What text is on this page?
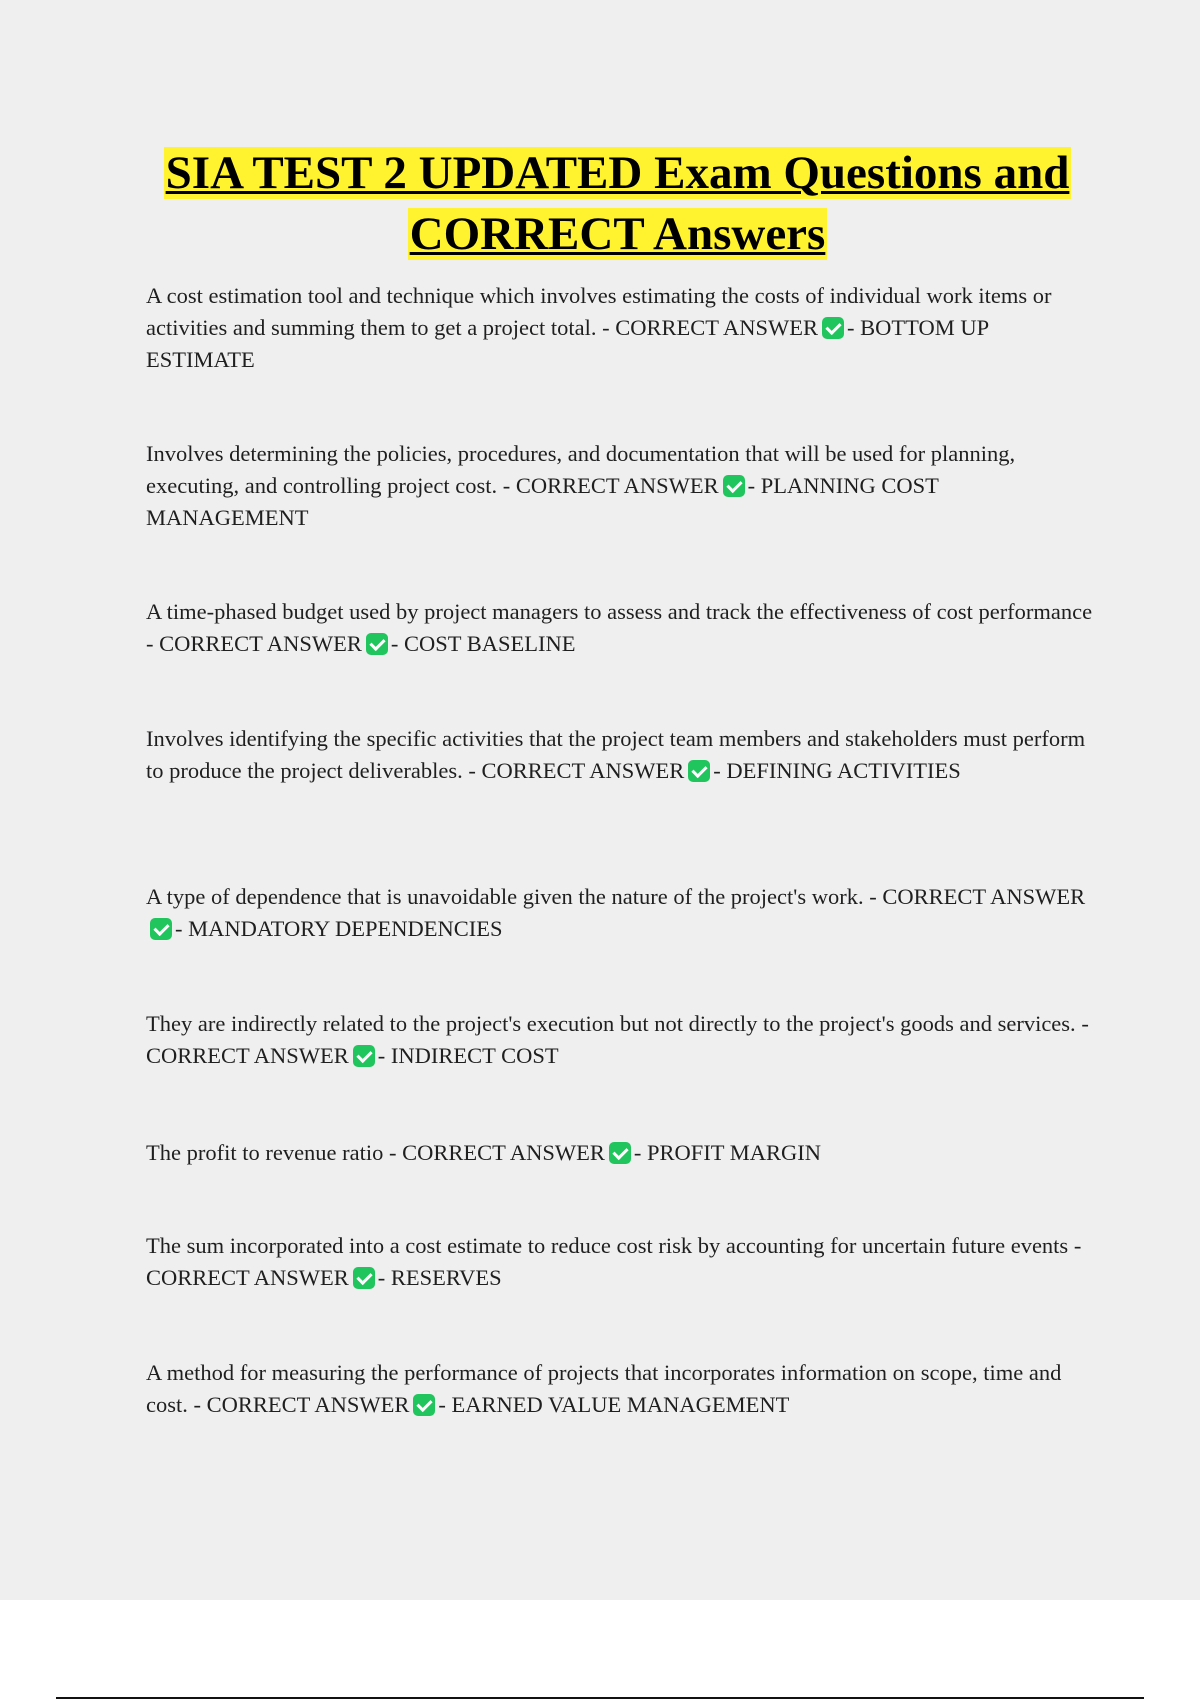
SIA TEST 2 UPDATED Exam Questions and CORRECT Answers

A cost estimation tool and technique which involves estimating the costs of individual work items or activities and summing them to get a project total. - CORRECT ANSWER - BOTTOM UP ESTIMATE

Involves determining the policies, procedures, and documentation that will be used for planning, executing, and controlling project cost. - CORRECT ANSWER - PLANNING COST MANAGEMENT

A time-phased budget used by project managers to assess and track the effectiveness of cost performance - CORRECT ANSWER - COST BASELINE

Involves identifying the specific activities that the project team members and stakeholders must perform to produce the project deliverables. - CORRECT ANSWER - DEFINING ACTIVITIES

A type of dependence that is unavoidable given the nature of the project's work. - CORRECT ANSWER- MANDATORY DEPENDENCIES

They are indirectly related to the project's execution but not directly to the project's goods and services. - CORRECT ANSWER - INDIRECT COST

The profit to revenue ratio - CORRECT ANSWER - PROFIT MARGIN

The sum incorporated into a cost estimate to reduce cost risk by accounting for uncertain future events - CORRECT ANSWER - RESERVES

A method for measuring the performance of projects that incorporates information on scope, time and cost. - CORRECT ANSWER - EARNED VALUE MANAGEMENT
